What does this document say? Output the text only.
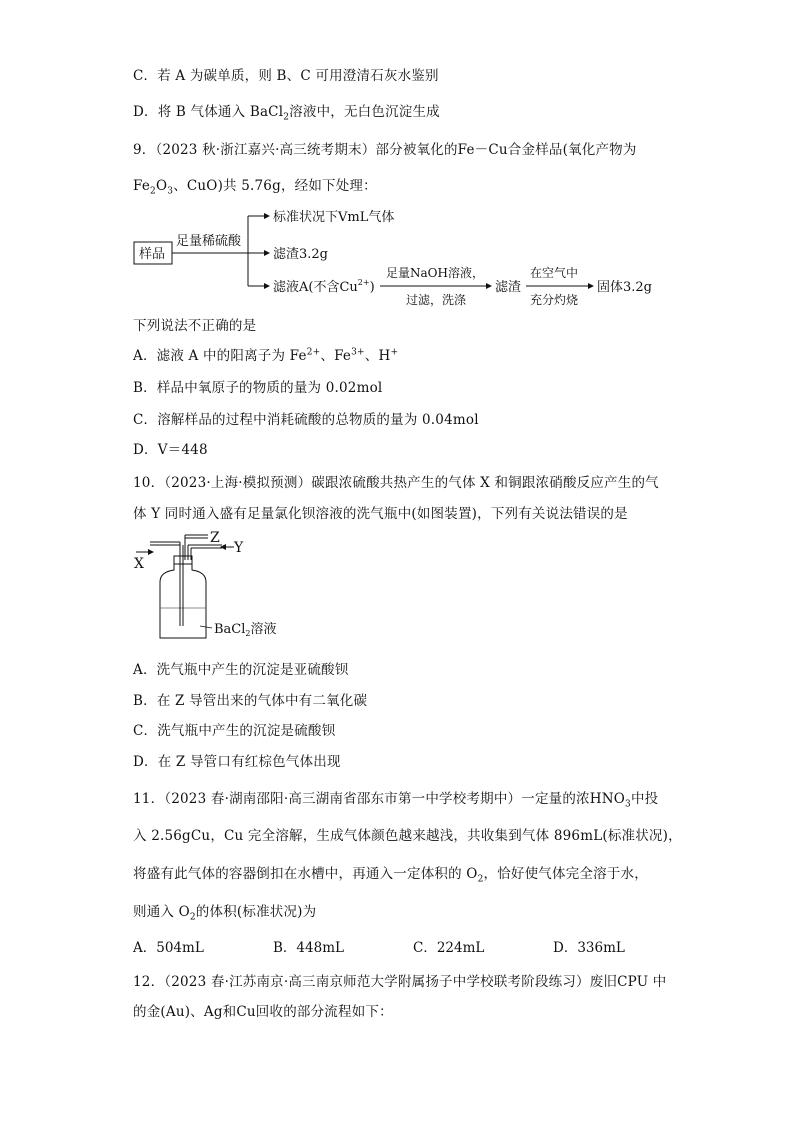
C．若 A 为碳单质，则 B、C 可用澄清石灰水鉴别
D．将 B 气体通入 BaCl$_2$溶液中，无白色沉淀生成
9．（2023 秋·浙江嘉兴·高三统考期末）部分被氧化的Fe－Cu合金样品(氧化产物为
$Fe_2O_3$、CuO)共 5.76g，经如下处理：
样品
足量稀硫酸
标准状况下VmL气体
滤渣3.2g
滤液A(不含$Cu^{2+}$)
足量NaOH溶液，
过滤，洗涤
滤渣
在空气中
充分灼烧
固体3.2g
下列说法不正确的是
A．滤液 A 中的阳离子为 $Fe^{2+}$、$Fe^{3+}$、H+
B．样品中氧原子的物质的量为 0.02mol
C．溶解样品的过程中消耗硫酸的总物质的量为 0.04mol
D．V＝448
10．（2023·上海·模拟预测）碳跟浓硫酸共热产生的气体 X 和铜跟浓硝酸反应产生的气
体 Y 同时通入盛有足量氯化钡溶液的洗气瓶中(如图装置)，下列有关说法错误的是
X
Y
Z
BaCl$_2$溶液
A．洗气瓶中产生的沉淀是亚硫酸钡
B．在 Z 导管出来的气体中有二氧化碳
C．洗气瓶中产生的沉淀是硫酸钡
D．在 Z 导管口有红棕色气体出现
11．（2023 春·湖南邵阳·高三湖南省邵东市第一中学校考期中）一定量的浓$HNO_3$中投
入 2.56gCu，Cu 完全溶解，生成气体颜色越来越浅，共收集到气体 896mL(标准状况)，
将盛有此气体的容器倒扣在水槽中，再通入一定体积的 $O_2$，恰好使气体完全溶于水，
则通入 $O_2$的体积(标准状况)为
A．504mL	B．448mL	C．224mL	D．336mL
12．（2023 春·江苏南京·高三南京师范大学附属扬子中学校联考阶段练习）废旧CPU 中
的金(Au)、Ag和Cu回收的部分流程如下：
